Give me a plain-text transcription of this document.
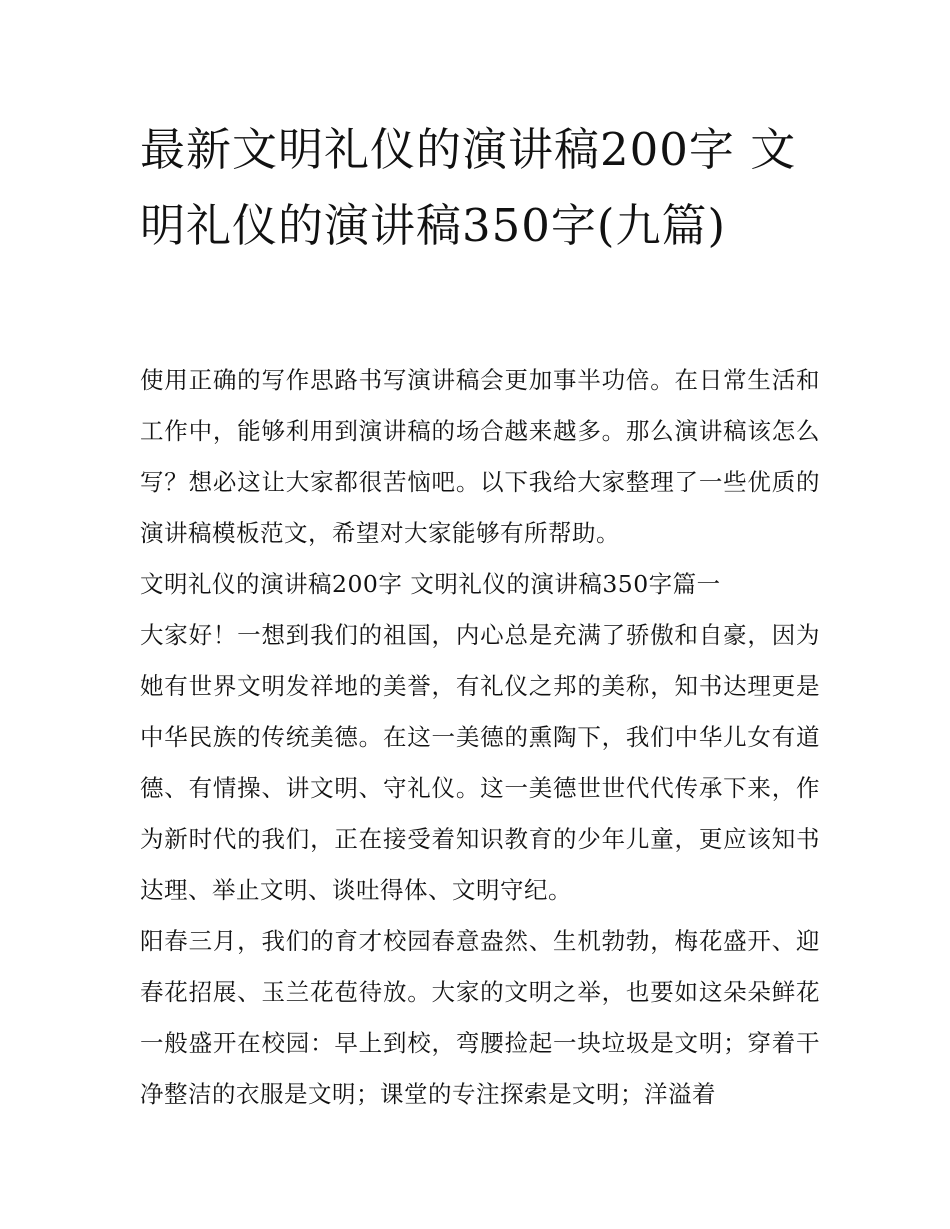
最新文明礼仪的演讲稿200字 文明礼仪的演讲稿350字(九篇)

使用正确的写作思路书写演讲稿会更加事半功倍。在日常生活和工作中，能够利用到演讲稿的场合越来越多。那么演讲稿该怎么写？想必这让大家都很苦恼吧。以下我给大家整理了一些优质的演讲稿模板范文，希望对大家能够有所帮助。

文明礼仪的演讲稿200字 文明礼仪的演讲稿350字篇一

大家好！一想到我们的祖国，内心总是充满了骄傲和自豪，因为她有世界文明发祥地的美誉，有礼仪之邦的美称，知书达理更是中华民族的传统美德。在这一美德的熏陶下，我们中华儿女有道德、有情操、讲文明、守礼仪。这一美德世世代代传承下来，作为新时代的我们，正在接受着知识教育的少年儿童，更应该知书达理、举止文明、谈吐得体、文明守纪。

阳春三月，我们的育才校园春意盎然、生机勃勃，梅花盛开、迎春花招展、玉兰花苞待放。大家的文明之举，也要如这朵朵鲜花一般盛开在校园：早上到校，弯腰捡起一块垃圾是文明；穿着干净整洁的衣服是文明；课堂的专注探索是文明；洋溢着
